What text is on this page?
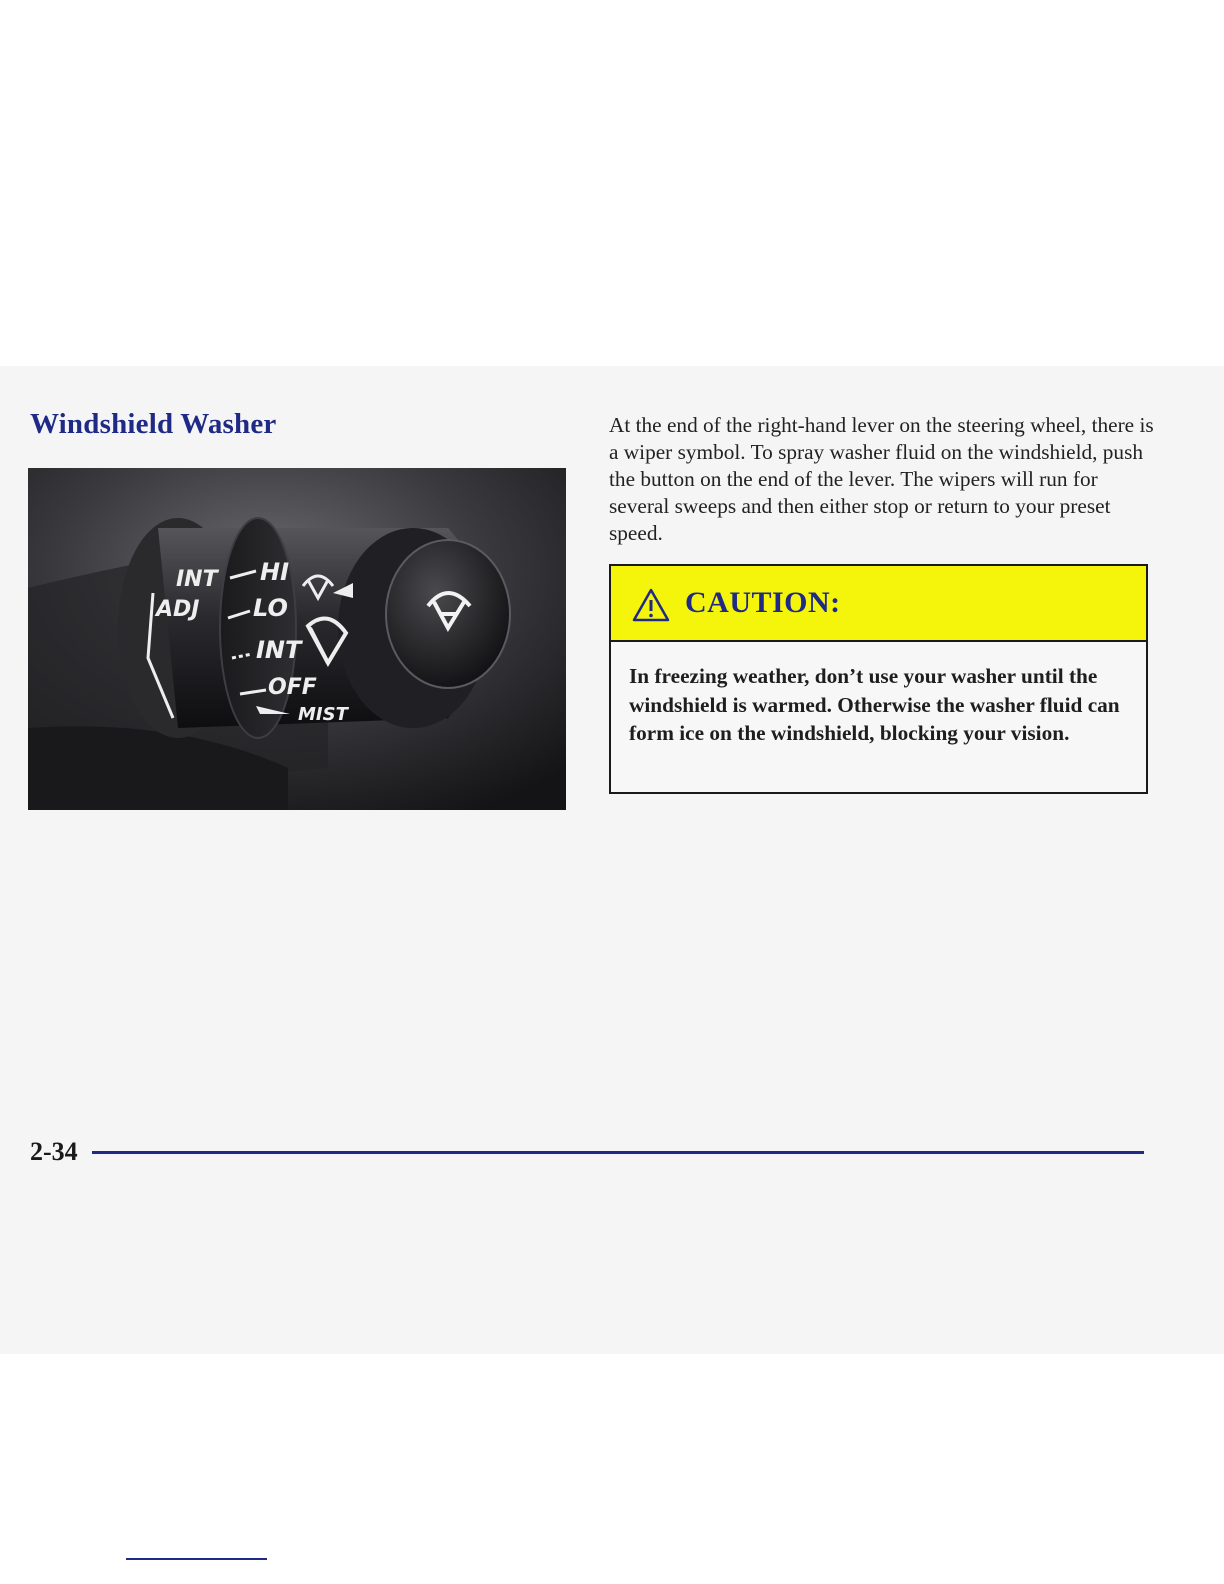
Windshield Washer
INT
ADJ
HI
LO
INT
OFF
MIST

At the end of the right-hand lever on the steering wheel, there is a wiper symbol. To spray washer fluid on the windshield, push the button on the end of the lever. The wipers will run for several sweeps and then either stop or return to your preset speed.

CAUTION:

In freezing weather, don’t use your washer until the windshield is warmed. Otherwise the washer fluid can form ice on the windshield, blocking your vision.

2-34
